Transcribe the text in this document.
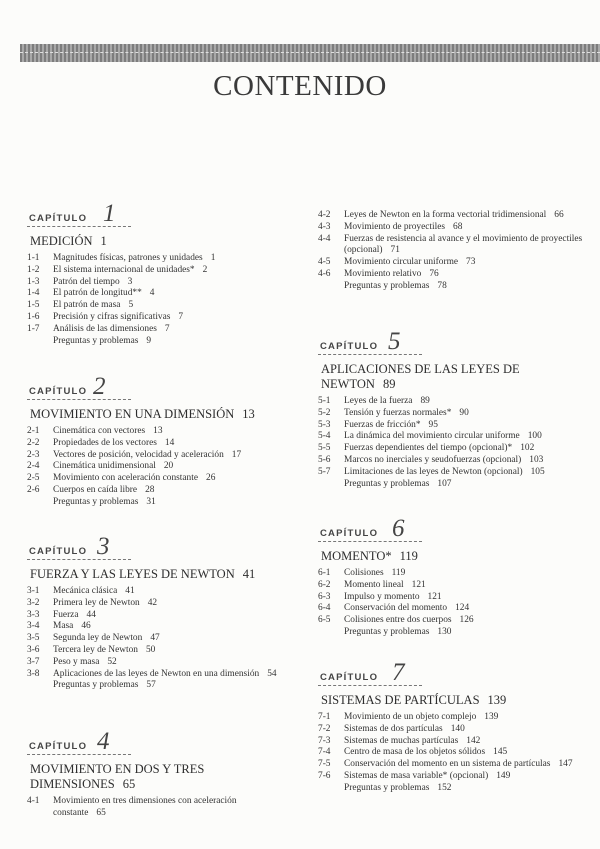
CONTENIDO
CAPÍTULO 1
MEDICIÓN 1
1-1	Magnitudes físicas, patrones y unidades 1
1-2	El sistema internacional de unidades* 2
1-3	Patrón del tiempo 3
1-4	El patrón de longitud** 4
1-5	El patrón de masa 5
1-6	Precisión y cifras significativas 7
1-7	Análisis de las dimensiones 7
Preguntas y problemas 9
CAPÍTULO 2
MOVIMIENTO EN UNA DIMENSIÓN 13
2-1	Cinemática con vectores 13
2-2	Propiedades de los vectores 14
2-3	Vectores de posición, velocidad y aceleración 17
2-4	Cinemática unidimensional 20
2-5	Movimiento con aceleración constante 26
2-6	Cuerpos en caída libre 28
Preguntas y problemas 31
CAPÍTULO 3
FUERZA Y LAS LEYES DE NEWTON 41
3-1	Mecánica clásica 41
3-2	Primera ley de Newton 42
3-3	Fuerza 44
3-4	Masa 46
3-5	Segunda ley de Newton 47
3-6	Tercera ley de Newton 50
3-7	Peso y masa 52
3-8	Aplicaciones de las leyes de Newton en una dimensión 54
Preguntas y problemas 57
CAPÍTULO 4
MOVIMIENTO EN DOS Y TRES DIMENSIONES 65
4-1	Movimiento en tres dimensiones con aceleración constante 65
CAPÍTULO 5
APLICACIONES DE LAS LEYES DE NEWTON 89
5-1	Leyes de la fuerza 89
5-2	Tensión y fuerzas normales* 90
5-3	Fuerzas de fricción* 95
5-4	La dinámica del movimiento circular uniforme 100
5-5	Fuerzas dependientes del tiempo (opcional)* 102
5-6	Marcos no inerciales y seudofuerzas (opcional) 103
5-7	Limitaciones de las leyes de Newton (opcional) 105
Preguntas y problemas 107
CAPÍTULO 6
MOMENTO* 119
6-1	Colisiones 119
6-2	Momento lineal 121
6-3	Impulso y momento 121
6-4	Conservación del momento 124
6-5	Colisiones entre dos cuerpos 126
Preguntas y problemas 130
CAPÍTULO 7
SISTEMAS DE PARTÍCULAS 139
7-1	Movimiento de un objeto complejo 139
7-2	Sistemas de dos partículas 140
7-3	Sistemas de muchas partículas 142
7-4	Centro de masa de los objetos sólidos 145
7-5	Conservación del momento en un sistema de partículas 147
7-6	Sistemas de masa variable* (opcional) 149
Preguntas y problemas 152
4-2	Leyes de Newton en la forma vectorial tridimensional 66
4-3	Movimiento de proyectiles 68
4-4	Fuerzas de resistencia al avance y el movimiento de proyectiles (opcional) 71
4-5	Movimiento circular uniforme 73
4-6	Movimiento relativo 76
Preguntas y problemas 78
